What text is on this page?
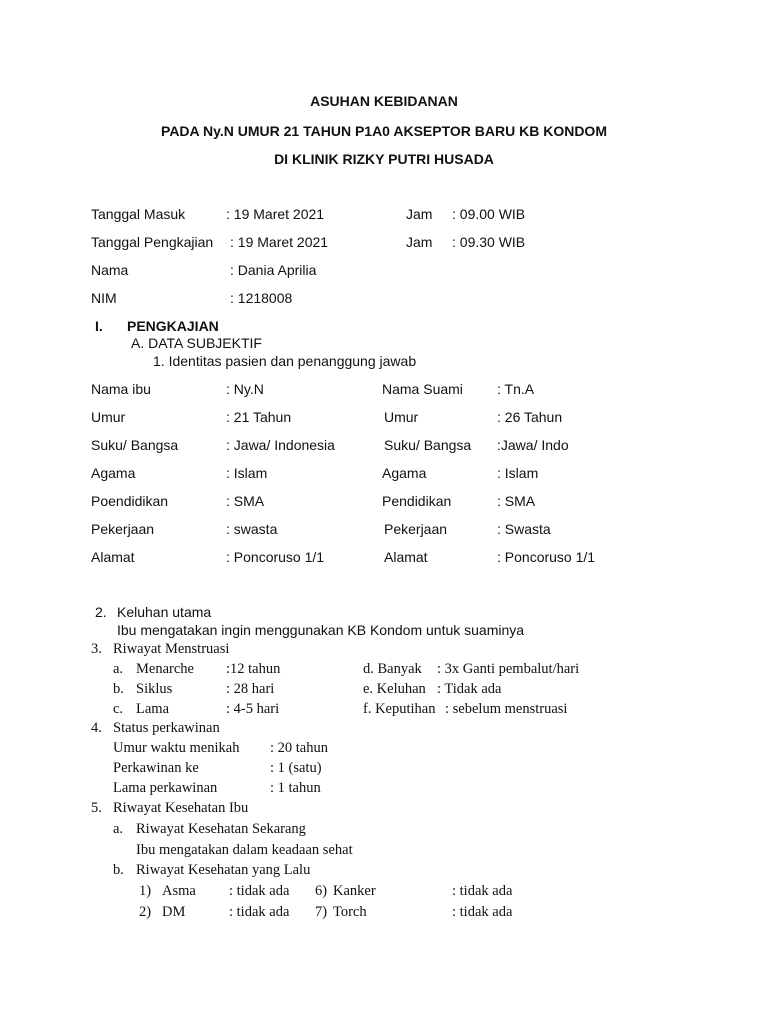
ASUHAN KEBIDANAN
PADA Ny.N UMUR 21 TAHUN P1A0 AKSEPTOR BARU KB KONDOM
DI KLINIK RIZKY PUTRI HUSADA
Tanggal Masuk	: 19 Maret 2021	Jam : 09.00 WIB
Tanggal Pengkajian : 19 Maret 2021	Jam : 09.30 WIB
Nama	: Dania Aprilia
NIM	: 1218008
I. PENGKAJIAN
A. DATA SUBJEKTIF
1. Identitas pasien dan penanggung jawab
Nama ibu	: Ny.N	Nama Suami : Tn.A
Umur	: 21 Tahun	Umur	: 26 Tahun
Suku/ Bangsa	: Jawa/ Indonesia	Suku/ Bangsa :Jawa/ Indo
Agama	: Islam	Agama	: Islam
Poendidikan	: SMA	Pendidikan	: SMA
Pekerjaan	: swasta	Pekerjaan	: Swasta
Alamat	: Poncoruso 1/1	Alamat	: Poncoruso 1/1
2. Keluhan utama
Ibu mengatakan ingin menggunakan KB Kondom untuk suaminya
3. Riwayat Menstruasi
a. Menarche :12 tahun	d. Banyak : 3x Ganti pembalut/hari
b. Siklus	: 28 hari	e. Keluhan : Tidak ada
c. Lama	: 4-5 hari	f. Keputihan : sebelum menstruasi
4. Status perkawinan
Umur waktu menikah : 20 tahun
Perkawinan ke	: 1 (satu)
Lama perkawinan	: 1 tahun
5. Riwayat Kesehatan Ibu
a. Riwayat Kesehatan Sekarang
Ibu mengatakan dalam keadaan sehat
b. Riwayat Kesehatan yang Lalu
1) Asma : tidak ada 6) Kanker	: tidak ada
2) DM	: tidak ada 7) Torch	: tidak ada
